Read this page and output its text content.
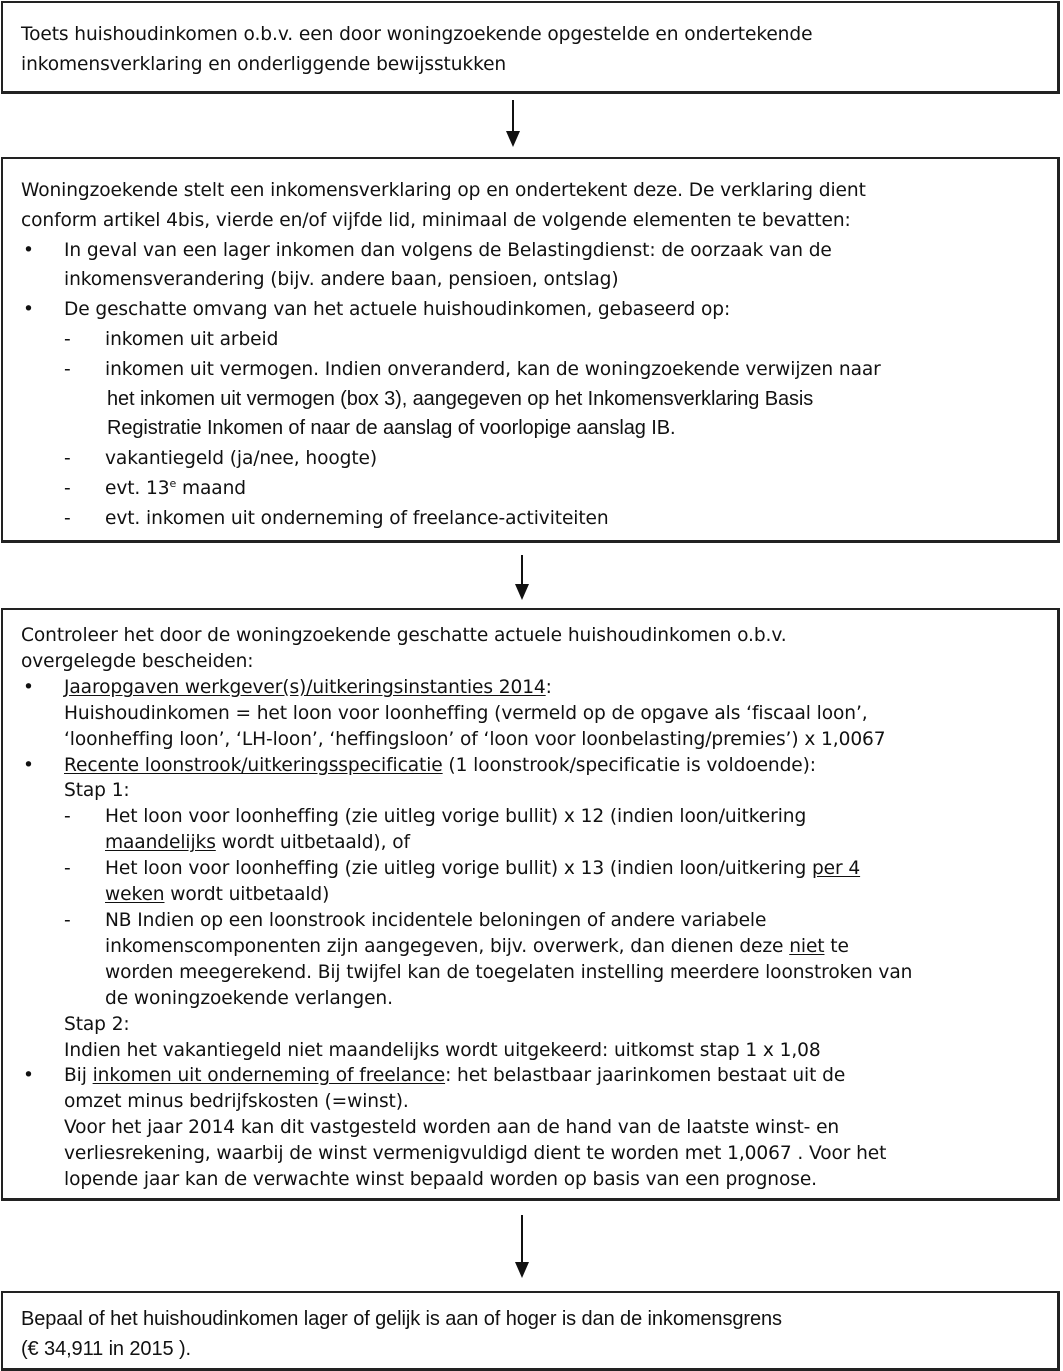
Toets huishoudinkomen o.b.v. een door woningzoekende opgestelde en ondertekende
inkomensverklaring en onderliggende bewijsstukken
Woningzoekende stelt een inkomensverklaring op en ondertekent deze. De verklaring dient
conform artikel 4bis, vierde en/of vijfde lid, minimaal de volgende elementen te bevatten:
• In geval van een lager inkomen dan volgens de Belastingdienst: de oorzaak van de
inkomensverandering (bijv. andere baan, pensioen, ontslag)
• De geschatte omvang van het actuele huishoudinkomen, gebaseerd op:
- inkomen uit arbeid
- inkomen uit vermogen. Indien onveranderd, kan de woningzoekende verwijzen naar
het inkomen uit vermogen (box 3), aangegeven op het Inkomensverklaring Basis
Registratie Inkomen of naar de aanslag of voorlopige aanslag IB.
- vakantiegeld (ja/nee, hoogte)
- evt. 13e maand
- evt. inkomen uit onderneming of freelance-activiteiten
Controleer het door de woningzoekende geschatte actuele huishoudinkomen o.b.v.
overgelegde bescheiden:
• Jaaropgaven werkgever(s)/uitkeringsinstanties 2014:
Huishoudinkomen = het loon voor loonheffing (vermeld op de opgave als ‘fiscaal loon’,
‘loonheffing loon’, ‘LH-loon’, ‘heffingsloon’ of ‘loon voor loonbelasting/premies’) x 1,0067
• Recente loonstrook/uitkeringsspecificatie (1 loonstrook/specificatie is voldoende):
Stap 1:
- Het loon voor loonheffing (zie uitleg vorige bullit) x 12 (indien loon/uitkering
maandelijks wordt uitbetaald), of
- Het loon voor loonheffing (zie uitleg vorige bullit) x 13 (indien loon/uitkering per 4
weken wordt uitbetaald)
- NB Indien op een loonstrook incidentele beloningen of andere variabele
inkomenscomponenten zijn aangegeven, bijv. overwerk, dan dienen deze niet te
worden meegerekend. Bij twijfel kan de toegelaten instelling meerdere loonstroken van
de woningzoekende verlangen.
Stap 2:
Indien het vakantiegeld niet maandelijks wordt uitgekeerd: uitkomst stap 1 x 1,08
• Bij inkomen uit onderneming of freelance: het belastbaar jaarinkomen bestaat uit de
omzet minus bedrijfskosten (=winst).
Voor het jaar 2014 kan dit vastgesteld worden aan de hand van de laatste winst- en
verliesrekening, waarbij de winst vermenigvuldigd dient te worden met 1,0067 . Voor het
lopende jaar kan de verwachte winst bepaald worden op basis van een prognose.
Bepaal of het huishoudinkomen lager of gelijk is aan of hoger is dan de inkomensgrens
(€ 34,911 in 2015 ).
